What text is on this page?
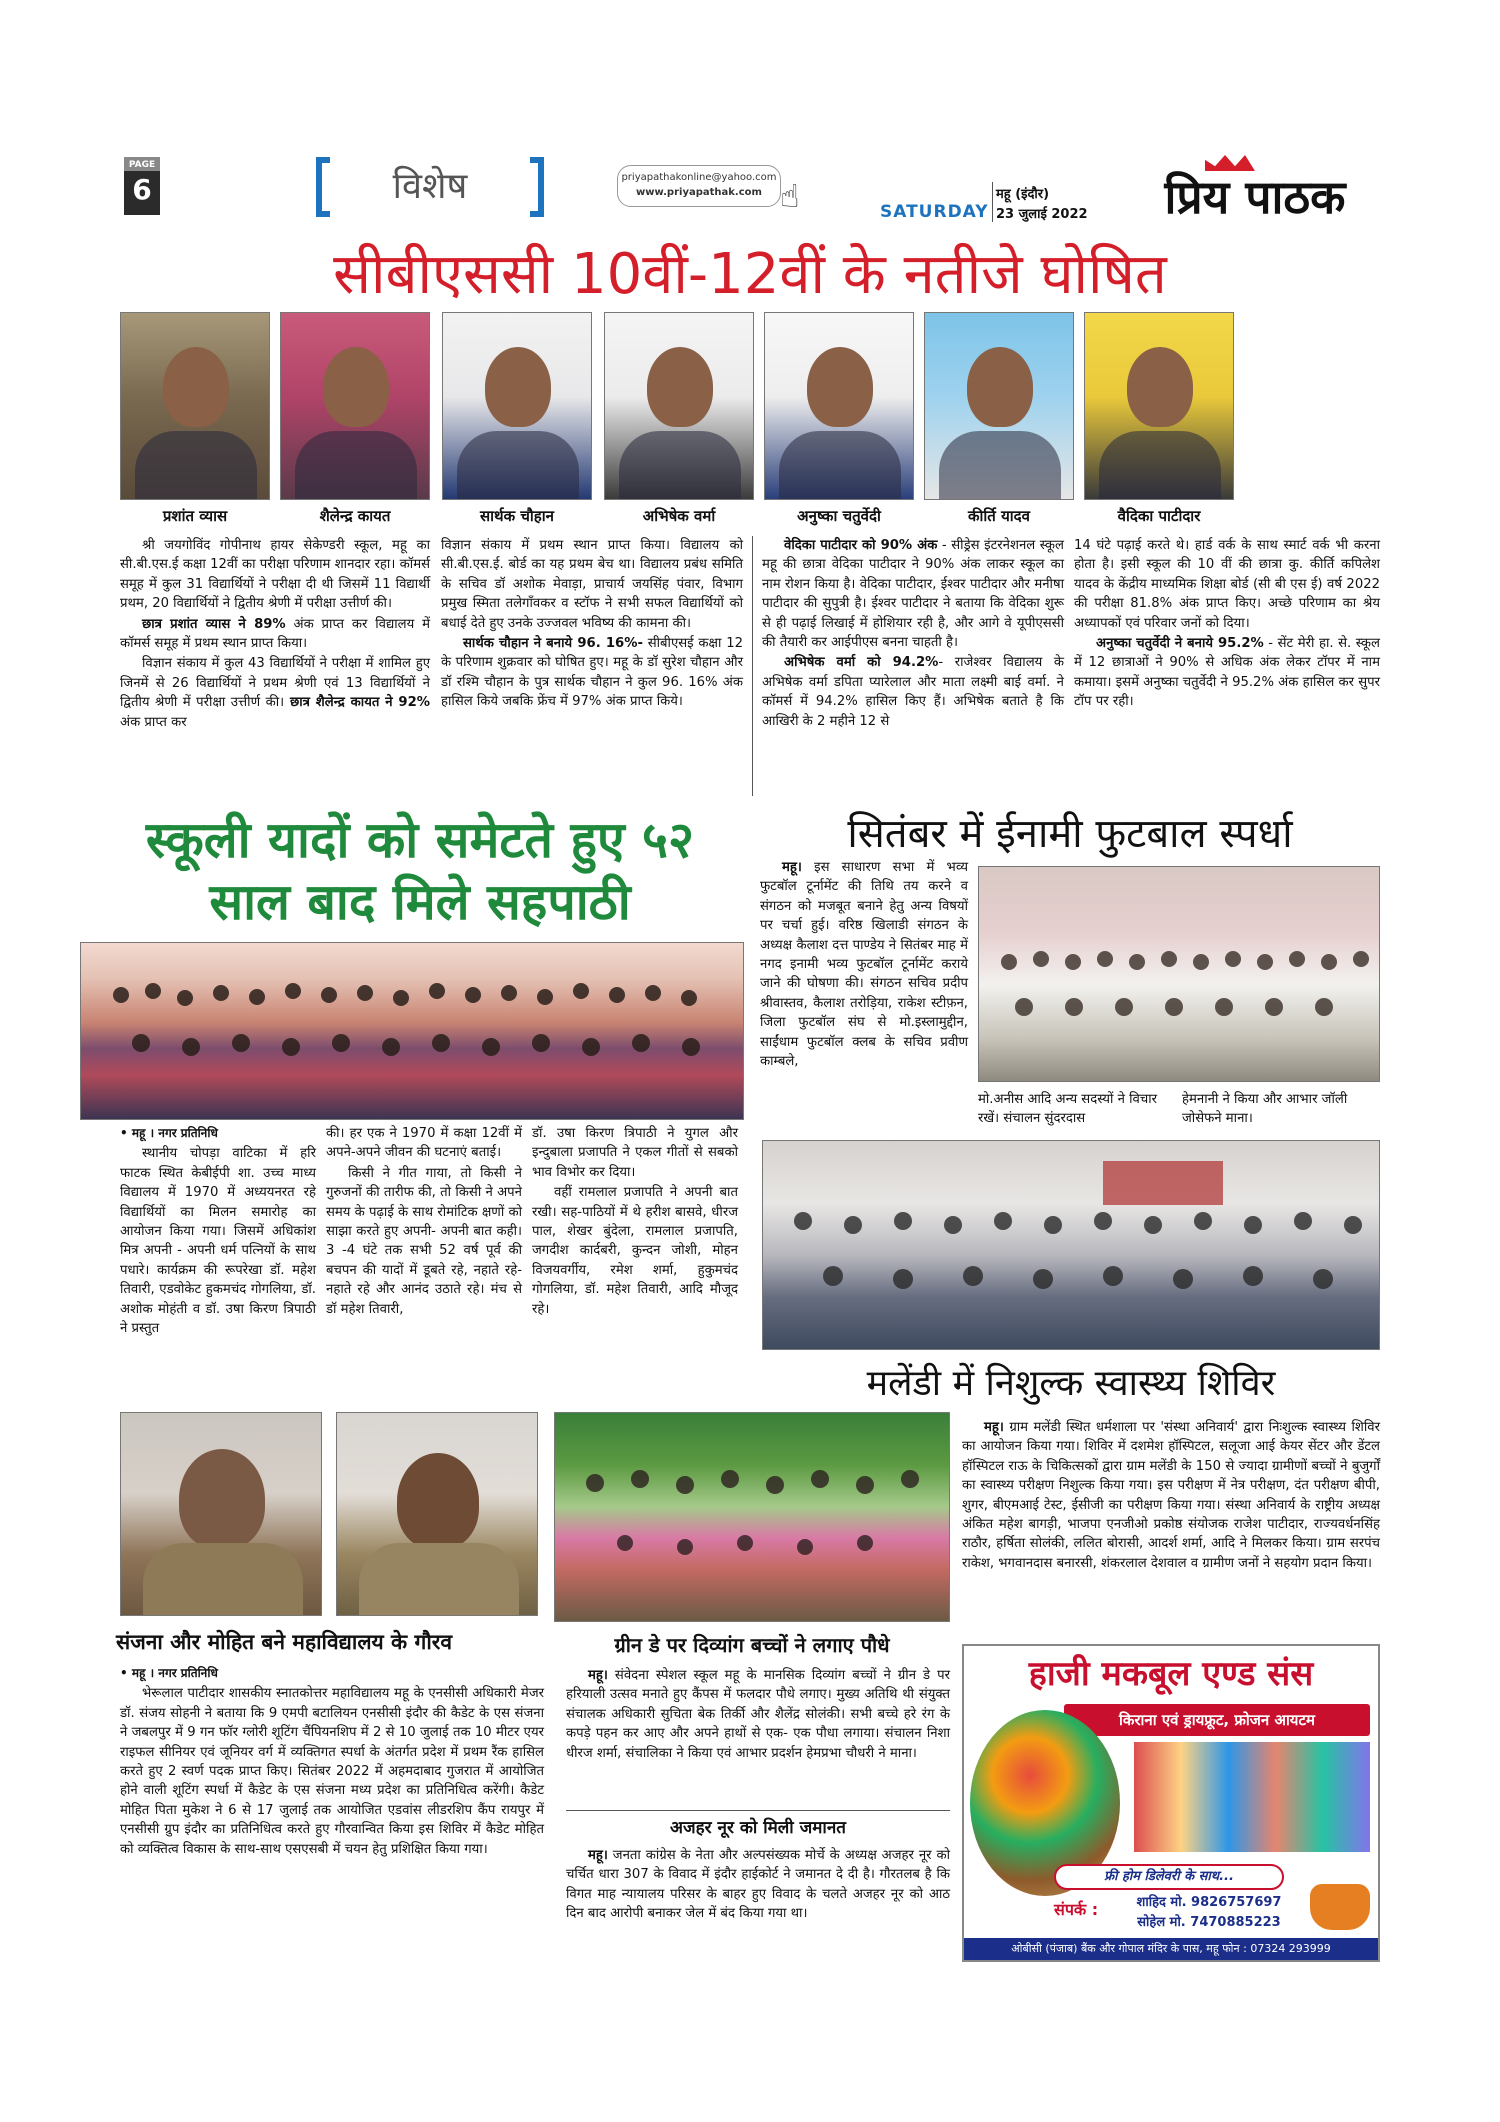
PAGE
6	विशेष	priyapathakonline@yahoo.com
www.priyapathak.com ☝	SATURDAY
महू (इंदौर)
23 जुलाई 2022	प्रिय पाठक
सीबीएससी 10वीं-12वीं के नतीजे घोषित
प्रशांत व्यास	शैलेन्द्र कायत	सार्थक चौहान	अभिषेक वर्मा	अनुष्का चतुर्वेदी	कीर्ति यादव	वैदिका पाटीदार

श्री जयगोविंद गोपीनाथ हायर सेकेण्डरी स्कूल, महू का सी.बी.एस.ई कक्षा 12वीं का परीक्षा परिणाम शानदार रहा। कॉमर्स समूह में कुल 31 विद्यार्थियों ने परीक्षा दी थी जिसमें 11 विद्यार्थी प्रथम, 20 विद्यार्थियों ने द्वितीय श्रेणी में परीक्षा उत्तीर्ण की।

छात्र प्रशांत व्यास ने 89% अंक प्राप्त कर विद्यालय में कॉमर्स समूह में प्रथम स्थान प्राप्त किया।

विज्ञान संकाय में कुल 43 विद्यार्थियों ने परीक्षा में शामिल हुए जिनमें से 26 विद्यार्थियों ने प्रथम श्रेणी एवं 13 विद्यार्थियों ने द्वितीय श्रेणी में परीक्षा उत्तीर्ण की। छात्र शैलेन्द्र कायत ने 92% अंक प्राप्त कर

विज्ञान संकाय में प्रथम स्थान प्राप्त किया। विद्यालय को सी.बी.एस.ई. बोर्ड का यह प्रथम बेच था। विद्यालय प्रबंध समिति के सचिव डॉ अशोक मेवाड़ा, प्राचार्य जयसिंह पंवार, विभाग प्रमुख स्मिता तलेगाँवकर व स्टॉफ ने सभी सफल विद्यार्थियों को बधाई देते हुए उनके उज्जवल भविष्य की कामना की।

सार्थक चौहान ने बनाये 96. 16%- सीबीएसई कक्षा 12 के परिणाम शुक्रवार को घोषित हुए। महू के डॉ सुरेश चौहान और डॉ रश्मि चौहान के पुत्र सार्थक चौहान ने कुल 96. 16% अंक हासिल किये जबकि फ्रेंच में 97% अंक प्राप्त किये।

वेदिका पाटीदार को 90% अंक - सीड्रेस इंटरनेशनल स्कूल महू की छात्रा वेदिका पाटीदार ने 90% अंक लाकर स्कूल का नाम रोशन किया है। वेदिका पाटीदार, ईश्वर पाटीदार और मनीषा पाटीदार की सुपुत्री है। ईश्वर पाटीदार ने बताया कि वेदिका शुरू से ही पढ़ाई लिखाई में होशियार रही है, और आगे वे यूपीएससी की तैयारी कर आईपीएस बनना चाहती है।

अभिषेक वर्मा को 94.2%- राजेश्वर विद्यालय के अभिषेक वर्मा डपिता प्यारेलाल और माता लक्ष्मी बाई वर्मा. ने कॉमर्स में 94.2% हासिल किए हैं। अभिषेक बताते है कि आखिरी के 2 महीने 12 से

14 घंटे पढ़ाई करते थे। हार्ड वर्क के साथ स्मार्ट वर्क भी करना होता है। इसी स्कूल की 10 वीं की छात्रा कु. कीर्ति कपिलेश यादव के केंद्रीय माध्यमिक शिक्षा बोर्ड (सी बी एस ई) वर्ष 2022 की परीक्षा 81.8% अंक प्राप्त किए। अच्छे परिणाम का श्रेय अध्यापकों एवं परिवार जनों को दिया।

अनुष्का चतुर्वेदी ने बनाये 95.2% - सेंट मेरी हा. से. स्कूल में 12 छात्राओं ने 90% से अधिक अंक लेकर टॉपर में नाम कमाया। इसमें अनुष्का चतुर्वेदी ने 95.2% अंक हासिल कर सुपर टॉप पर रही।

स्कूली यादों को समेटते हुए ५२
साल बाद मिले सहपाठी

• महू । नगर प्रतिनिधि

स्थानीय चोपड़ा वाटिका में हरि फाटक स्थित केबीईपी शा. उच्च माध्य विद्यालय में 1970 में अध्ययनरत रहे विद्यार्थियों का मिलन समारोह का आयोजन किया गया। जिसमें अधिकांश मित्र अपनी - अपनी धर्म पत्नियों के साथ पधारे। कार्यक्रम की रूपरेखा डॉ. महेश तिवारी, एडवोकेट हुकमचंद गोगलिया, डॉ. अशोक मोहंती व डॉ. उषा किरण त्रिपाठी ने प्रस्तुत

की। हर एक ने 1970 में कक्षा 12वीं में अपने-अपने जीवन की घटनाएं बताई।

किसी ने गीत गाया, तो किसी ने गुरुजनों की तारीफ की, तो किसी ने अपने समय के पढ़ाई के साथ रोमांटिक क्षणों को साझा करते हुए अपनी- अपनी बात कही। 3 -4 घंटे तक सभी 52 वर्ष पूर्व की बचपन की यादों में डूबते रहे, नहाते रहे-नहाते रहे और आनंद उठाते रहे। मंच से डॉ महेश तिवारी,

डॉ. उषा किरण त्रिपाठी ने युगल और इन्दुबाला प्रजापति ने एकल गीतों से सबको भाव विभोर कर दिया।

वहीं रामलाल प्रजापति ने अपनी बात रखी। सह-पाठियों में थे हरीश बासवे, धीरज पाल, शेखर बुंदेला, रामलाल प्रजापति, जगदीश कार्दबरी, कुन्दन जोशी, मोहन विजयवर्गीय, रमेश शर्मा, हुकुमचंद गोगलिया, डॉ. महेश तिवारी, आदि मौजूद रहे।

सितंबर में ईनामी फुटबाल स्पर्धा

महू। इस साधारण सभा में भव्य फुटबॉल टूर्नामेंट की तिथि तय करने व संगठन को मजबूत बनाने हेतु अन्य विषयों पर चर्चा हुई। वरिष्ठ खिलाडी संगठन के अध्यक्ष कैलाश दत्त पाण्डेय ने सितंबर माह में नगद इनामी भव्य फुटबॉल टूर्नामेंट कराये जाने की घोषणा की। संगठन सचिव प्रदीप श्रीवास्तव, कैलाश तरोड़िया, राकेश स्टीफ़न, जिला फुटबॉल संघ से मो.इस्लामुद्दीन, साईंधाम फुटबॉल क्लब के सचिव प्रवीण काम्बले,

मो.अनीस आदि अन्य सदस्यों ने विचार रखें। संचालन सुंदरदास
हेमनानी ने किया और आभार जॉली जोसेफने माना।
मलेंडी में निशुल्क स्वास्थ्य शिविर

महू। ग्राम मलेंडी स्थित धर्मशाला पर 'संस्था अनिवार्य' द्वारा निःशुल्क स्वास्थ्य शिविर का आयोजन किया गया। शिविर में दशमेश हॉस्पिटल, सलूजा आई केयर सेंटर और डेंटल हॉस्पिटल राऊ के चिकित्सकों द्वारा ग्राम मलेंडी के 150 से ज्यादा ग्रामीणों बच्चों ने बुजुर्गों का स्वास्थ्य परीक्षण निशुल्क किया गया। इस परीक्षण में नेत्र परीक्षण, दंत परीक्षण बीपी, शुगर, बीएमआई टेस्ट, ईसीजी का परीक्षण किया गया। संस्था अनिवार्य के राष्ट्रीय अध्यक्ष अंकित महेश बागड़ी, भाजपा एनजीओ प्रकोष्ठ संयोजक राजेश पाटीदार, राज्यवर्धनसिंह राठौर, हर्षिता सोलंकी, ललित बोरासी, आदर्श शर्मा, आदि ने मिलकर किया। ग्राम सरपंच राकेश, भगवानदास बनारसी, शंकरलाल देशवाल व ग्रामीण जनों ने सहयोग प्रदान किया।

संजना और मोहित बने महाविद्यालय के गौरव

• महू । नगर प्रतिनिधि

भेरूलाल पाटीदार शासकीय स्नातकोत्तर महाविद्यालय महू के एनसीसी अधिकारी मेजर डॉ. संजय सोहनी ने बताया कि 9 एमपी बटालियन एनसीसी इंदौर की कैडेट के एस संजना ने जबलपुर में 9 गन फॉर ग्लोरी शूटिंग चैंपियनशिप में 2 से 10 जुलाई तक 10 मीटर एयर राइफल सीनियर एवं जूनियर वर्ग में व्यक्तिगत स्पर्धा के अंतर्गत प्रदेश में प्रथम रैंक हासिल करते हुए 2 स्वर्ण पदक प्राप्त किए। सितंबर 2022 में अहमदाबाद गुजरात में आयोजित होने वाली शूटिंग स्पर्धा में कैडेट के एस संजना मध्य प्रदेश का प्रतिनिधित्व करेंगी। कैडेट मोहित पिता मुकेश ने 6 से 17 जुलाई तक आयोजित एडवांस लीडरशिप कैंप रायपुर में एनसीसी ग्रुप इंदौर का प्रतिनिधित्व करते हुए गौरवान्वित किया इस शिविर में कैडेट मोहित को व्यक्तित्व विकास के साथ-साथ एसएसबी में चयन हेतु प्रशिक्षित किया गया।

ग्रीन डे पर दिव्यांग बच्चों ने लगाए पौधे

महू। संवेदना स्पेशल स्कूल महू के मानसिक दिव्यांग बच्चों ने ग्रीन डे पर हरियाली उत्सव मनाते हुए कैंपस में फलदार पौधे लगाए। मुख्य अतिथि थी संयुक्त संचालक अधिकारी सुचिता बेक तिर्की और शैलेंद्र सोलंकी। सभी बच्चे हरे रंग के कपड़े पहन कर आए और अपने हाथों से एक- एक पौधा लगाया। संचालन निशा धीरज शर्मा, संचालिका ने किया एवं आभार प्रदर्शन हेमप्रभा चौधरी ने माना।

अजहर नूर को मिली जमानत

महू। जनता कांग्रेस के नेता और अल्पसंख्यक मोर्चे के अध्यक्ष अजहर नूर को चर्चित धारा 307 के विवाद में इंदौर हाईकोर्ट ने जमानत दे दी है। गौरतलब है कि विगत माह न्यायालय परिसर के बाहर हुए विवाद के चलते अजहर नूर को आठ दिन बाद आरोपी बनाकर जेल में बंद किया गया था।

हाजी मकबूल एण्ड संस
किराना एवं ड्रायफ्रूट, फ्रोजन आयटम
फ्री होम डिलेवरी के साथ...
संपर्क :	शाहिद मो. 9826757697
सोहेल मो. 7470885223
ओबीसी (पंजाब) बैंक और गोपाल मंदिर के पास, महू फोन : 07324 293999
